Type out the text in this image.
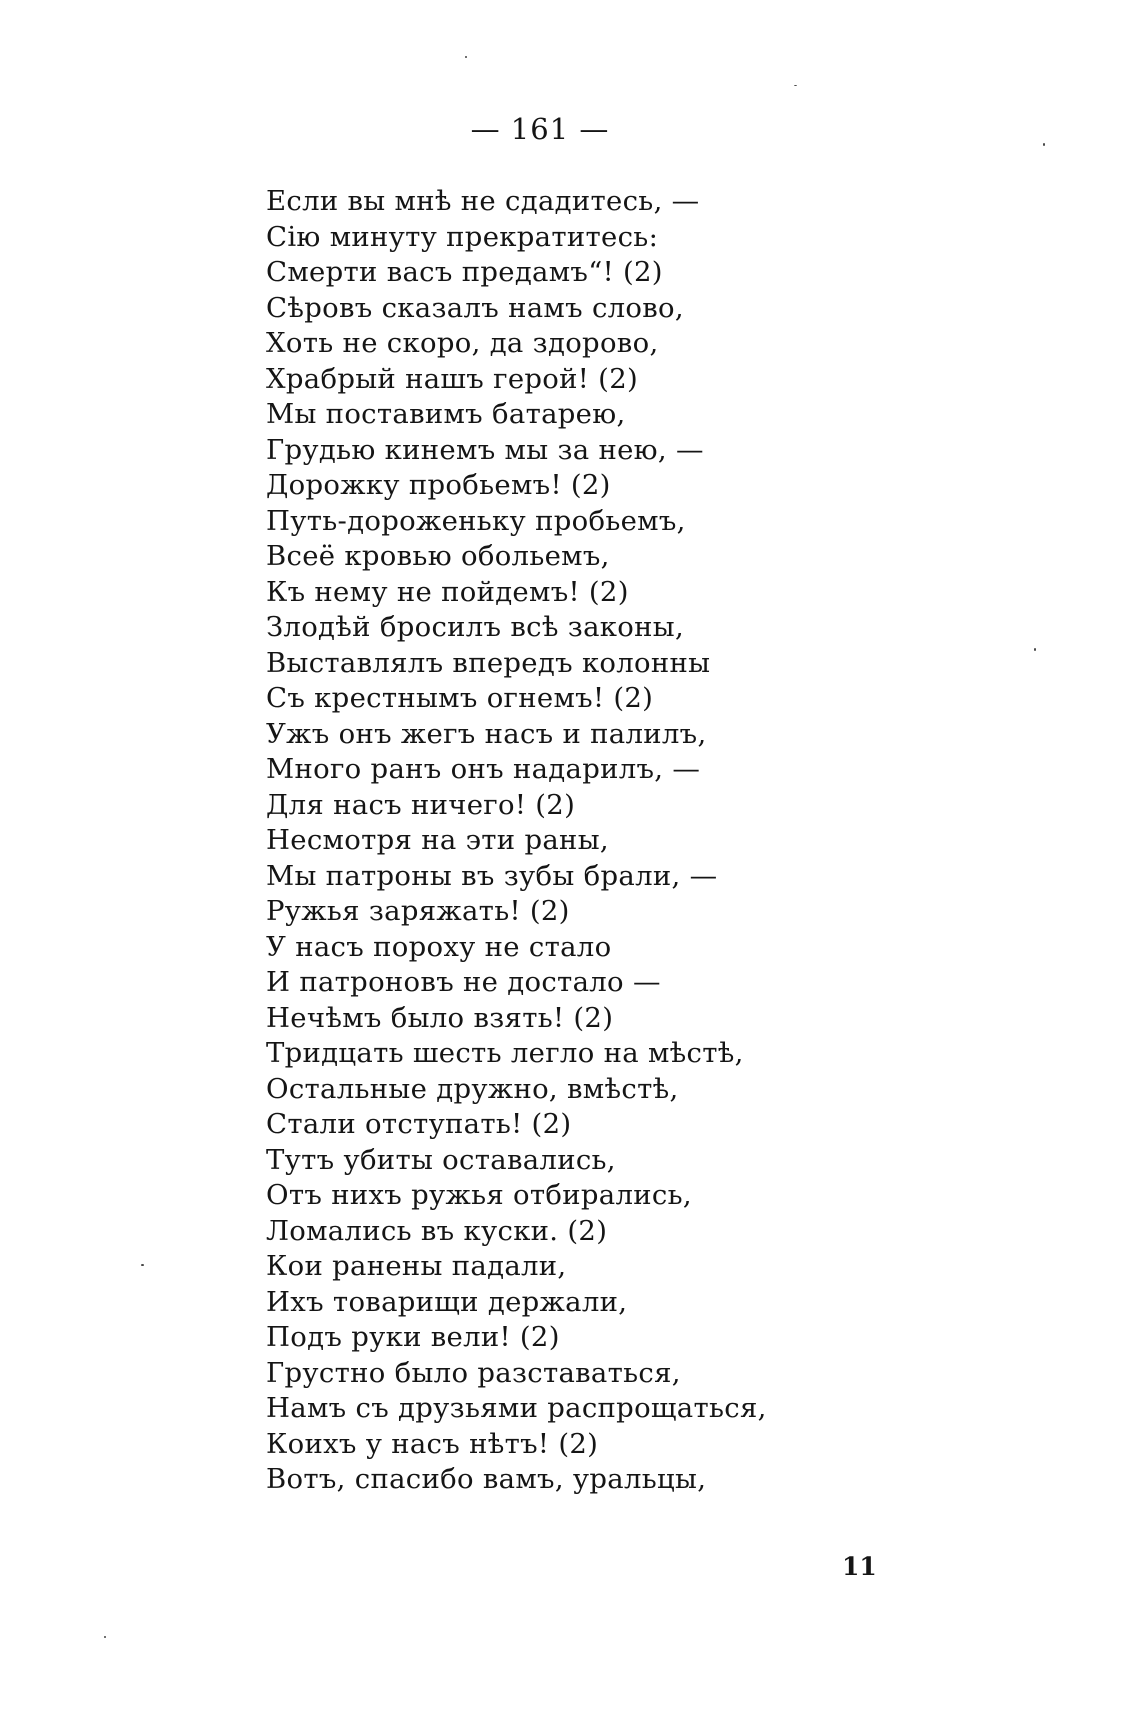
— 161 —
Если вы мнѣ не сдадитесь, —
Сію минуту прекратитесь:
Смерти васъ предамъ“! (2)
Сѣровъ сказалъ намъ слово,
Хоть не скоро, да здорово,
Храбрый нашъ герой! (2)
Мы поставимъ батарею,
Грудью кинемъ мы за нею, —
Дорожку пробьемъ! (2)
Путь-дороженьку пробьемъ,
Всеё кровью обольемъ,
Къ нему не пойдемъ! (2)
Злодѣй бросилъ всѣ законы,
Выставлялъ впередъ колонны
Съ крестнымъ огнемъ! (2)
Ужъ онъ жегъ насъ и палилъ,
Много ранъ онъ надарилъ, —
Для насъ ничего! (2)
Несмотря на эти раны,
Мы патроны въ зубы брали, —
Ружья заряжать! (2)
У насъ пороху не стало
И патроновъ не достало —
Нечѣмъ было взять! (2)
Тридцать шесть легло на мѣстѣ,
Остальные дружно, вмѣстѣ,
Стали отступать! (2)
Тутъ убиты оставались,
Отъ нихъ ружья отбирались,
Ломались въ куски. (2)
Кои ранены падали,
Ихъ товарищи держали,
Подъ руки вели! (2)
Грустно было разставаться,
Намъ съ друзьями распрощаться,
Коихъ у насъ нѣтъ! (2)
Вотъ, спасибо вамъ, уральцы,
11
